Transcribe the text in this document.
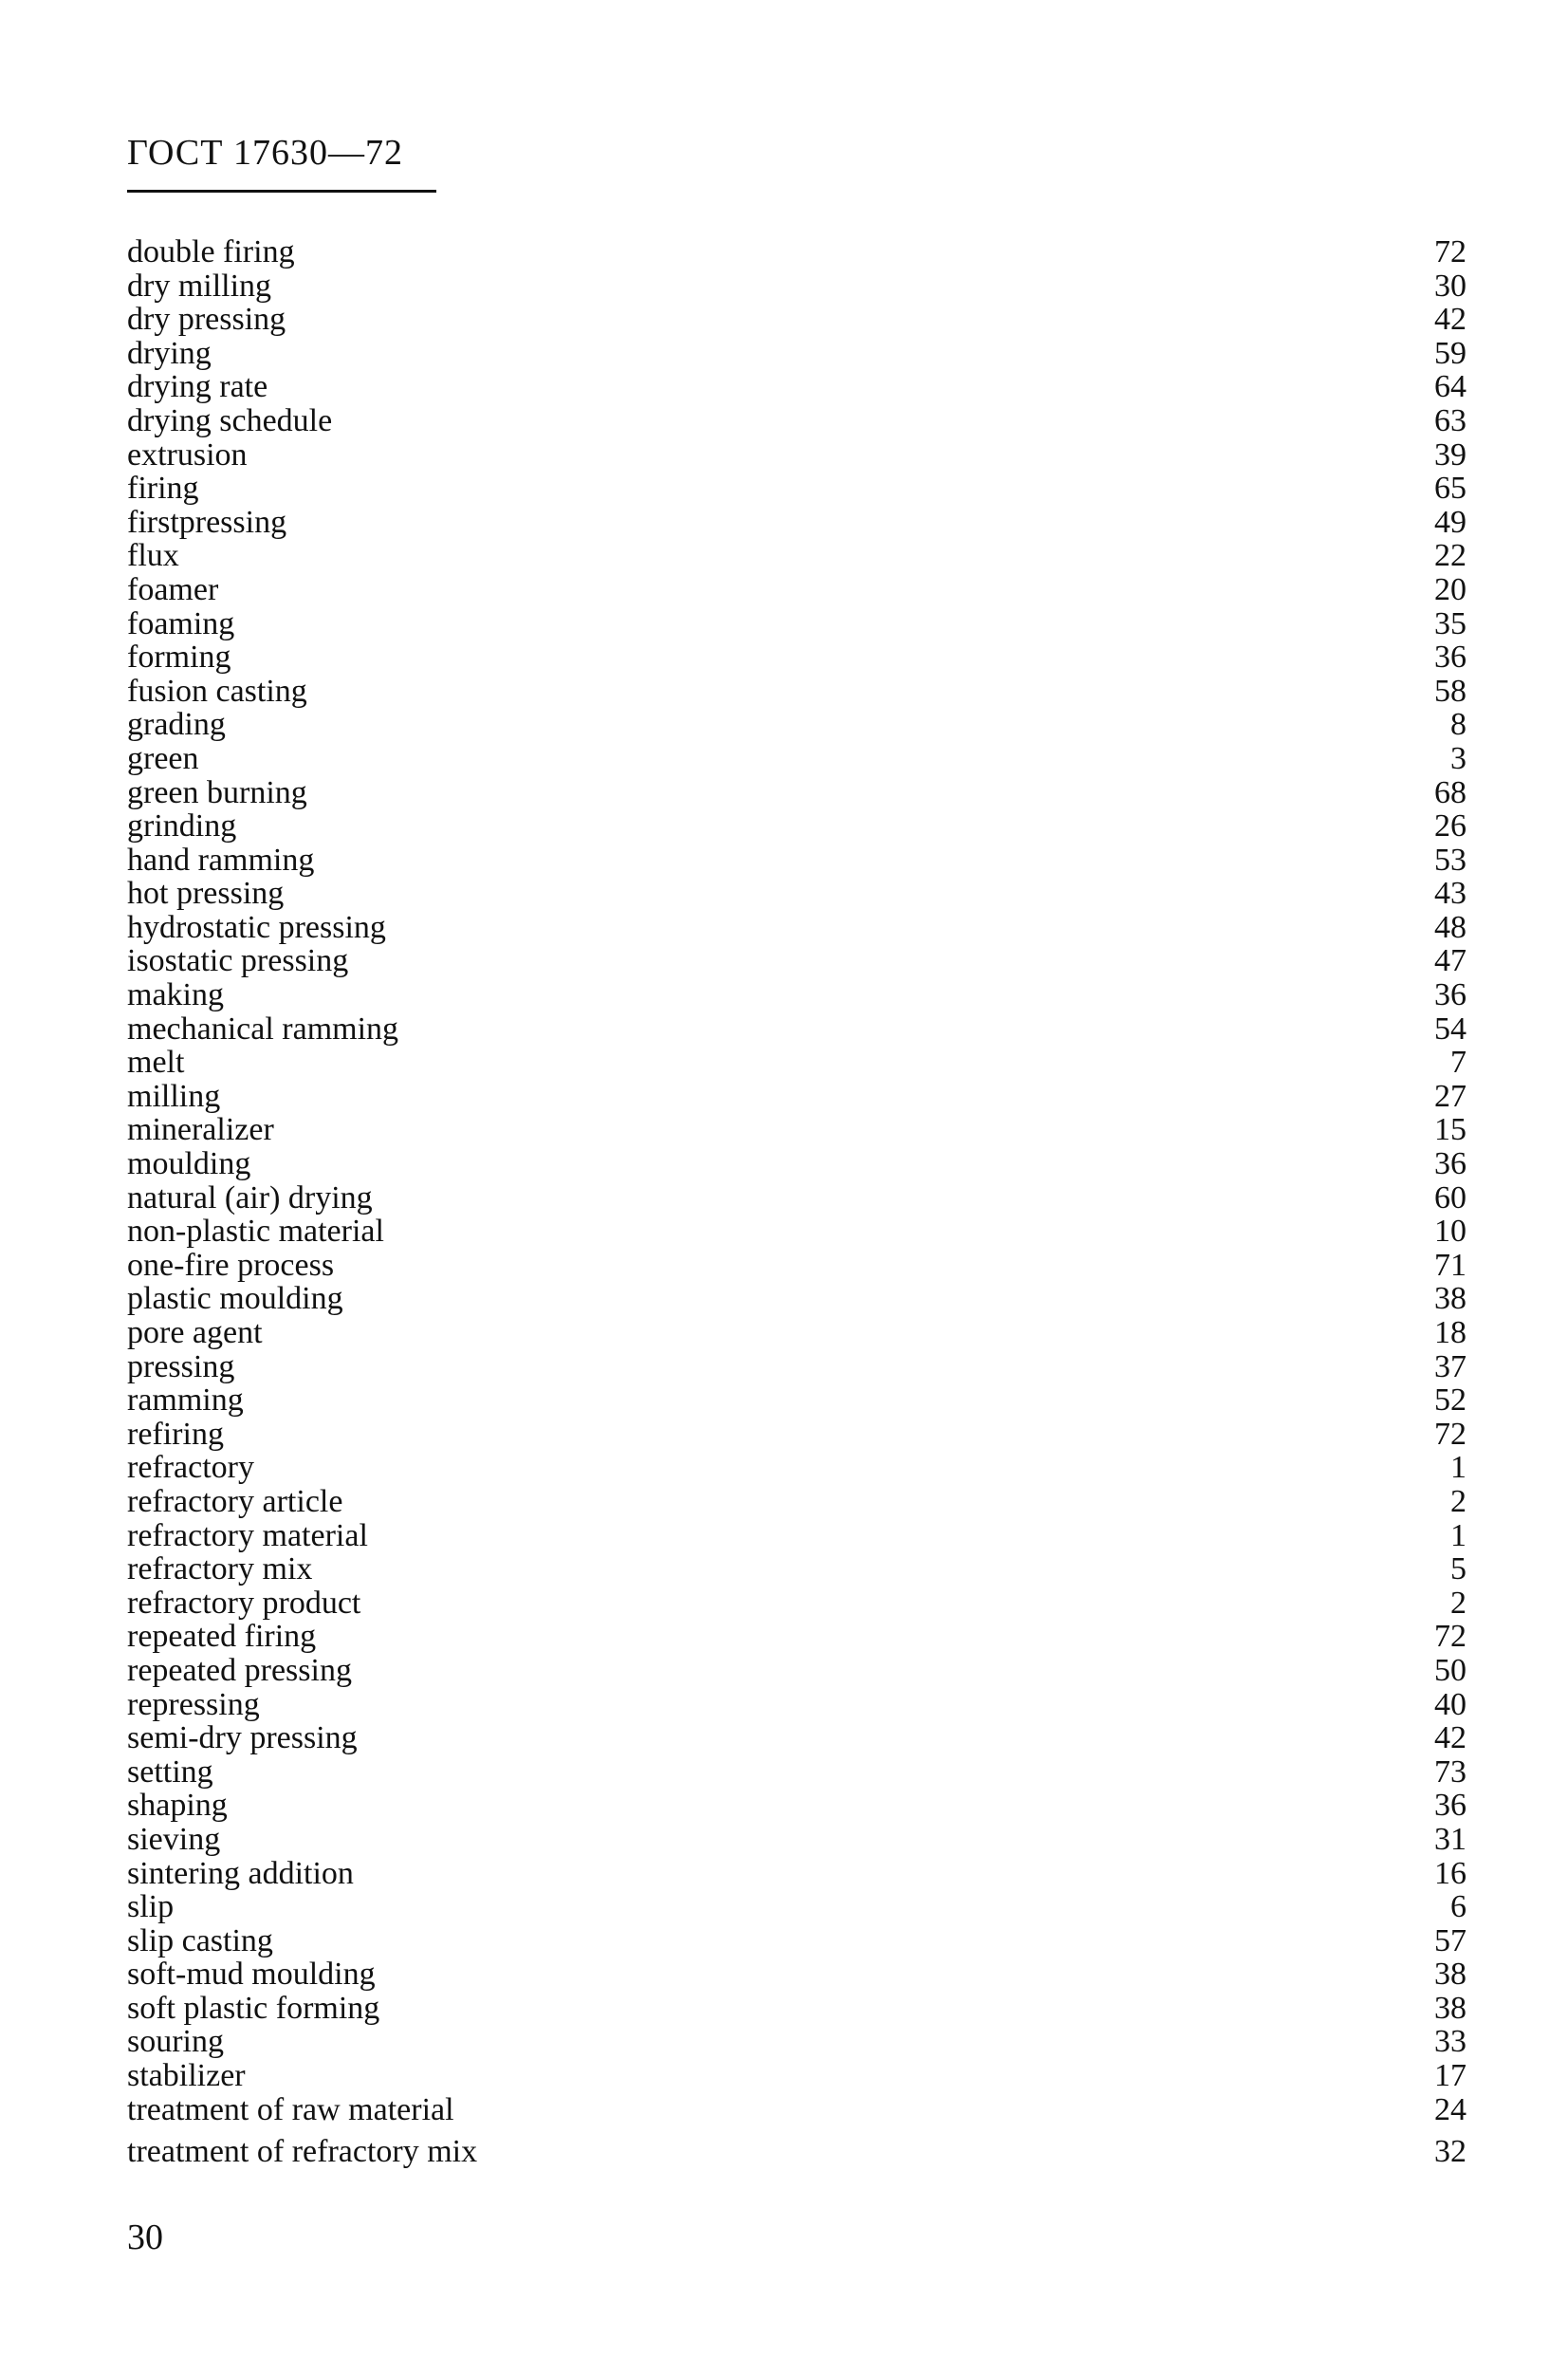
ГОСТ 17630—72
double firing	72
dry milling	30
dry pressing	42
drying	59
drying rate	64
drying schedule	63
extrusion	39
firing	65
firstpressing	49
flux	22
foamer	20
foaming	35
forming	36
fusion casting	58
grading	8
green	3
green burning	68
grinding	26
hand ramming	53
hot pressing	43
hydrostatic pressing	48
isostatic pressing	47
making	36
mechanical ramming	54
melt	7
milling	27
mineralizer	15
moulding	36
natural (air) drying	60
non-plastic material	10
one-fire process	71
plastic moulding	38
pore agent	18
pressing	37
ramming	52
refiring	72
refractory	1
refractory article	2
refractory material	1
refractory mix	5
refractory product	2
repeated firing	72
repeated pressing	50
repressing	40
semi-dry pressing	42
setting	73
shaping	36
sieving	31
sintering addition	16
slip	6
slip casting	57
soft-mud moulding	38
soft plastic forming	38
souring	33
stabilizer	17
treatment of raw material	24
treatment of refractory mix	32
30
